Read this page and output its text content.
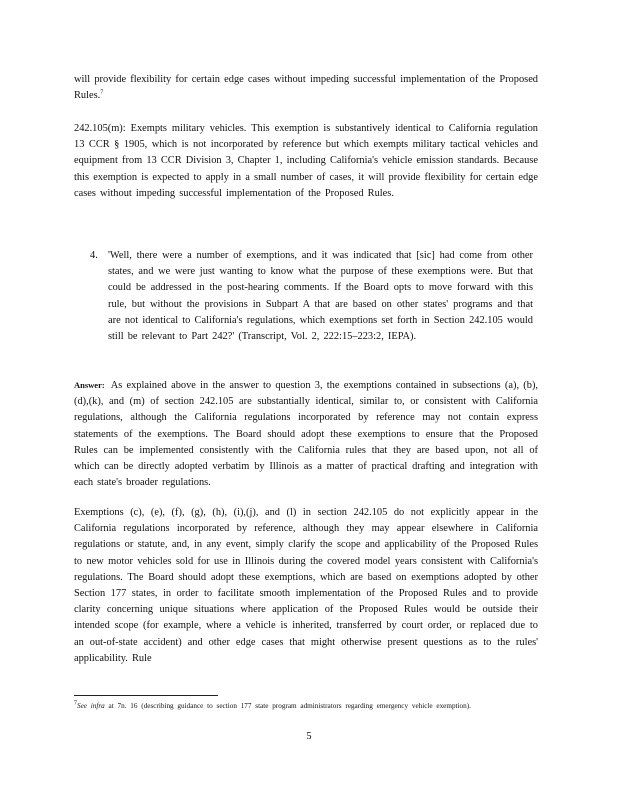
will provide flexibility for certain edge cases without impeding successful implementation of the Proposed Rules.$^7$

242.105(m): Exempts military vehicles. This exemption is substantively identical to California regulation 13 CCR § 1905, which is not incorporated by reference but which exempts military tactical vehicles and equipment from 13 CCR Division 3, Chapter 1, including California's vehicle emission standards. Because this exemption is expected to apply in a small number of cases, it will provide flexibility for certain edge cases without impeding successful implementation of the Proposed Rules.

4. 'Well, there were a number of exemptions, and it was indicated that [sic] had come from other states, and we were just wanting to know what the purpose of these exemptions were. But that could be addressed in the post-hearing comments. If the Board opts to move forward with this rule, but without the provisions in Subpart A that are based on other states' programs and that are not identical to California's regulations, which exemptions set forth in Section 242.105 would still be relevant to Part 242?' (Transcript, Vol. 2, 222:15–223:2, IEPA).

Answer: As explained above in the answer to question 3, the exemptions contained in subsections (a), (b), (d),(k), and (m) of section 242.105 are substantially identical, similar to, or consistent with California regulations, although the California regulations incorporated by reference may not contain express statements of the exemptions. The Board should adopt these exemptions to ensure that the Proposed Rules can be implemented consistently with the California rules that they are based upon, not all of which can be directly adopted verbatim by Illinois as a matter of practical drafting and integration with each state's broader regulations.

Exemptions (c), (e), (f), (g), (h), (i),(j), and (l) in section 242.105 do not explicitly appear in the California regulations incorporated by reference, although they may appear elsewhere in California regulations or statute, and, in any event, simply clarify the scope and applicability of the Proposed Rules to new motor vehicles sold for use in Illinois during the covered model years consistent with California's regulations. The Board should adopt these exemptions, which are based on exemptions adopted by other Section 177 states, in order to facilitate smooth implementation of the Proposed Rules and to provide clarity concerning unique situations where application of the Proposed Rules would be outside their intended scope (for example, where a vehicle is inherited, transferred by court order, or replaced due to an out-of-state accident) and other edge cases that might otherwise present questions as to the rules' applicability. Rule

$^7$See infra at 7n. 16 (describing guidance to section 177 state program administrators regarding emergency vehicle exemption).

5
